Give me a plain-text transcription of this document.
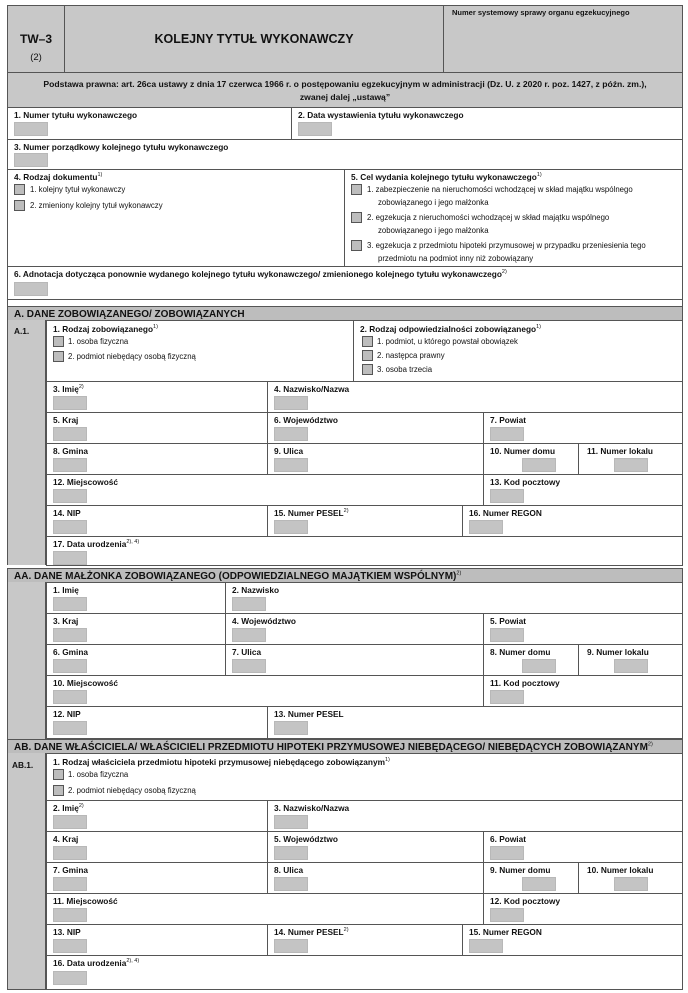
TW–3
(2)
KOLEJNY TYTUŁ WYKONAWCZY
Numer systemowy sprawy organu egzekucyjnego
Podstawa prawna: art. 26ca ustawy z dnia 17 czerwca 1966 r. o postępowaniu egzekucyjnym w administracji (Dz. U. z 2020 r. poz. 1427, z późn. zm.),
zwanej dalej „ustawą”
1. Numer tytułu wykonawczego	2. Data wystawienia tytułu wykonawczego
3. Numer porządkowy kolejnego tytułu wykonawczego
4. Rodzaj dokumentu$^{1)}$
1. kolejny tytuł wykonawczy
2. zmieniony kolejny tytuł wykonawczy
5. Cel wydania kolejnego tytułu wykonawczego$^{1)}$
1. zabezpieczenie na nieruchomości wchodzącej w skład majątku wspólnego
zobowiązanego i jego małżonka
2. egzekucja z nieruchomości wchodzącej w skład majątku wspólnego
zobowiązanego i jego małżonka
3. egzekucja z przedmiotu hipoteki przymusowej w przypadku przeniesienia tego
przedmiotu na podmiot inny niż zobowiązany
6. Adnotacja dotycząca ponownie wydanego kolejnego tytułu wykonawczego/ zmienionego kolejnego tytułu wykonawczego$^{2)}$
A. DANE ZOBOWIĄZANEGO/ ZOBOWIĄZANYCH
A.1.	1. Rodzaj zobowiązanego$^{1)}$
1. osoba fizyczna
2. podmiot niebędący osobą fizyczną
2. Rodzaj odpowiedzialności zobowiązanego$^{1)}$
1. podmiot, u którego powstał obowiązek
2. następca prawny
3. osoba trzecia
3. Imię$^{2)}$	4. Nazwisko/Nazwa
5. Kraj	6. Województwo	7. Powiat
8. Gmina	9. Ulica	10. Numer domu	11. Numer lokalu
12. Miejscowość	13. Kod pocztowy
14. NIP	15. Numer PESEL$^{2)}$	16. Numer REGON
17. Data urodzenia$^{2), 4)}$
AA. DANE MAŁŻONKA ZOBOWIĄZANEGO (ODPOWIEDZIALNEGO MAJĄTKIEM WSPÓLNYM)$^{2)}$
1. Imię	2. Nazwisko
3. Kraj	4. Województwo	5. Powiat
6. Gmina	7. Ulica	8. Numer domu	9. Numer lokalu
10. Miejscowość	11. Kod pocztowy
12. NIP	13. Numer PESEL
AB. DANE WŁAŚCICIELA/ WŁAŚCICIELI PRZEDMIOTU HIPOTEKI PRZYMUSOWEJ NIEBĘDĄCEGO/ NIEBĘDĄCYCH ZOBOWIĄZANYM$^{2)}$
AB.1. 1. Rodzaj właściciela przedmiotu hipoteki przymusowej niebędącego zobowiązanym$^{1)}$
1. osoba fizyczna
2. podmiot niebędący osobą fizyczną
2. Imię$^{2)}$	3. Nazwisko/Nazwa
4. Kraj	5. Województwo	6. Powiat
7. Gmina	8. Ulica	9. Numer domu	10. Numer lokalu
11. Miejscowość	12. Kod pocztowy
13. NIP	14. Numer PESEL$^{2)}$	15. Numer REGON
16. Data urodzenia$^{2), 4)}$
